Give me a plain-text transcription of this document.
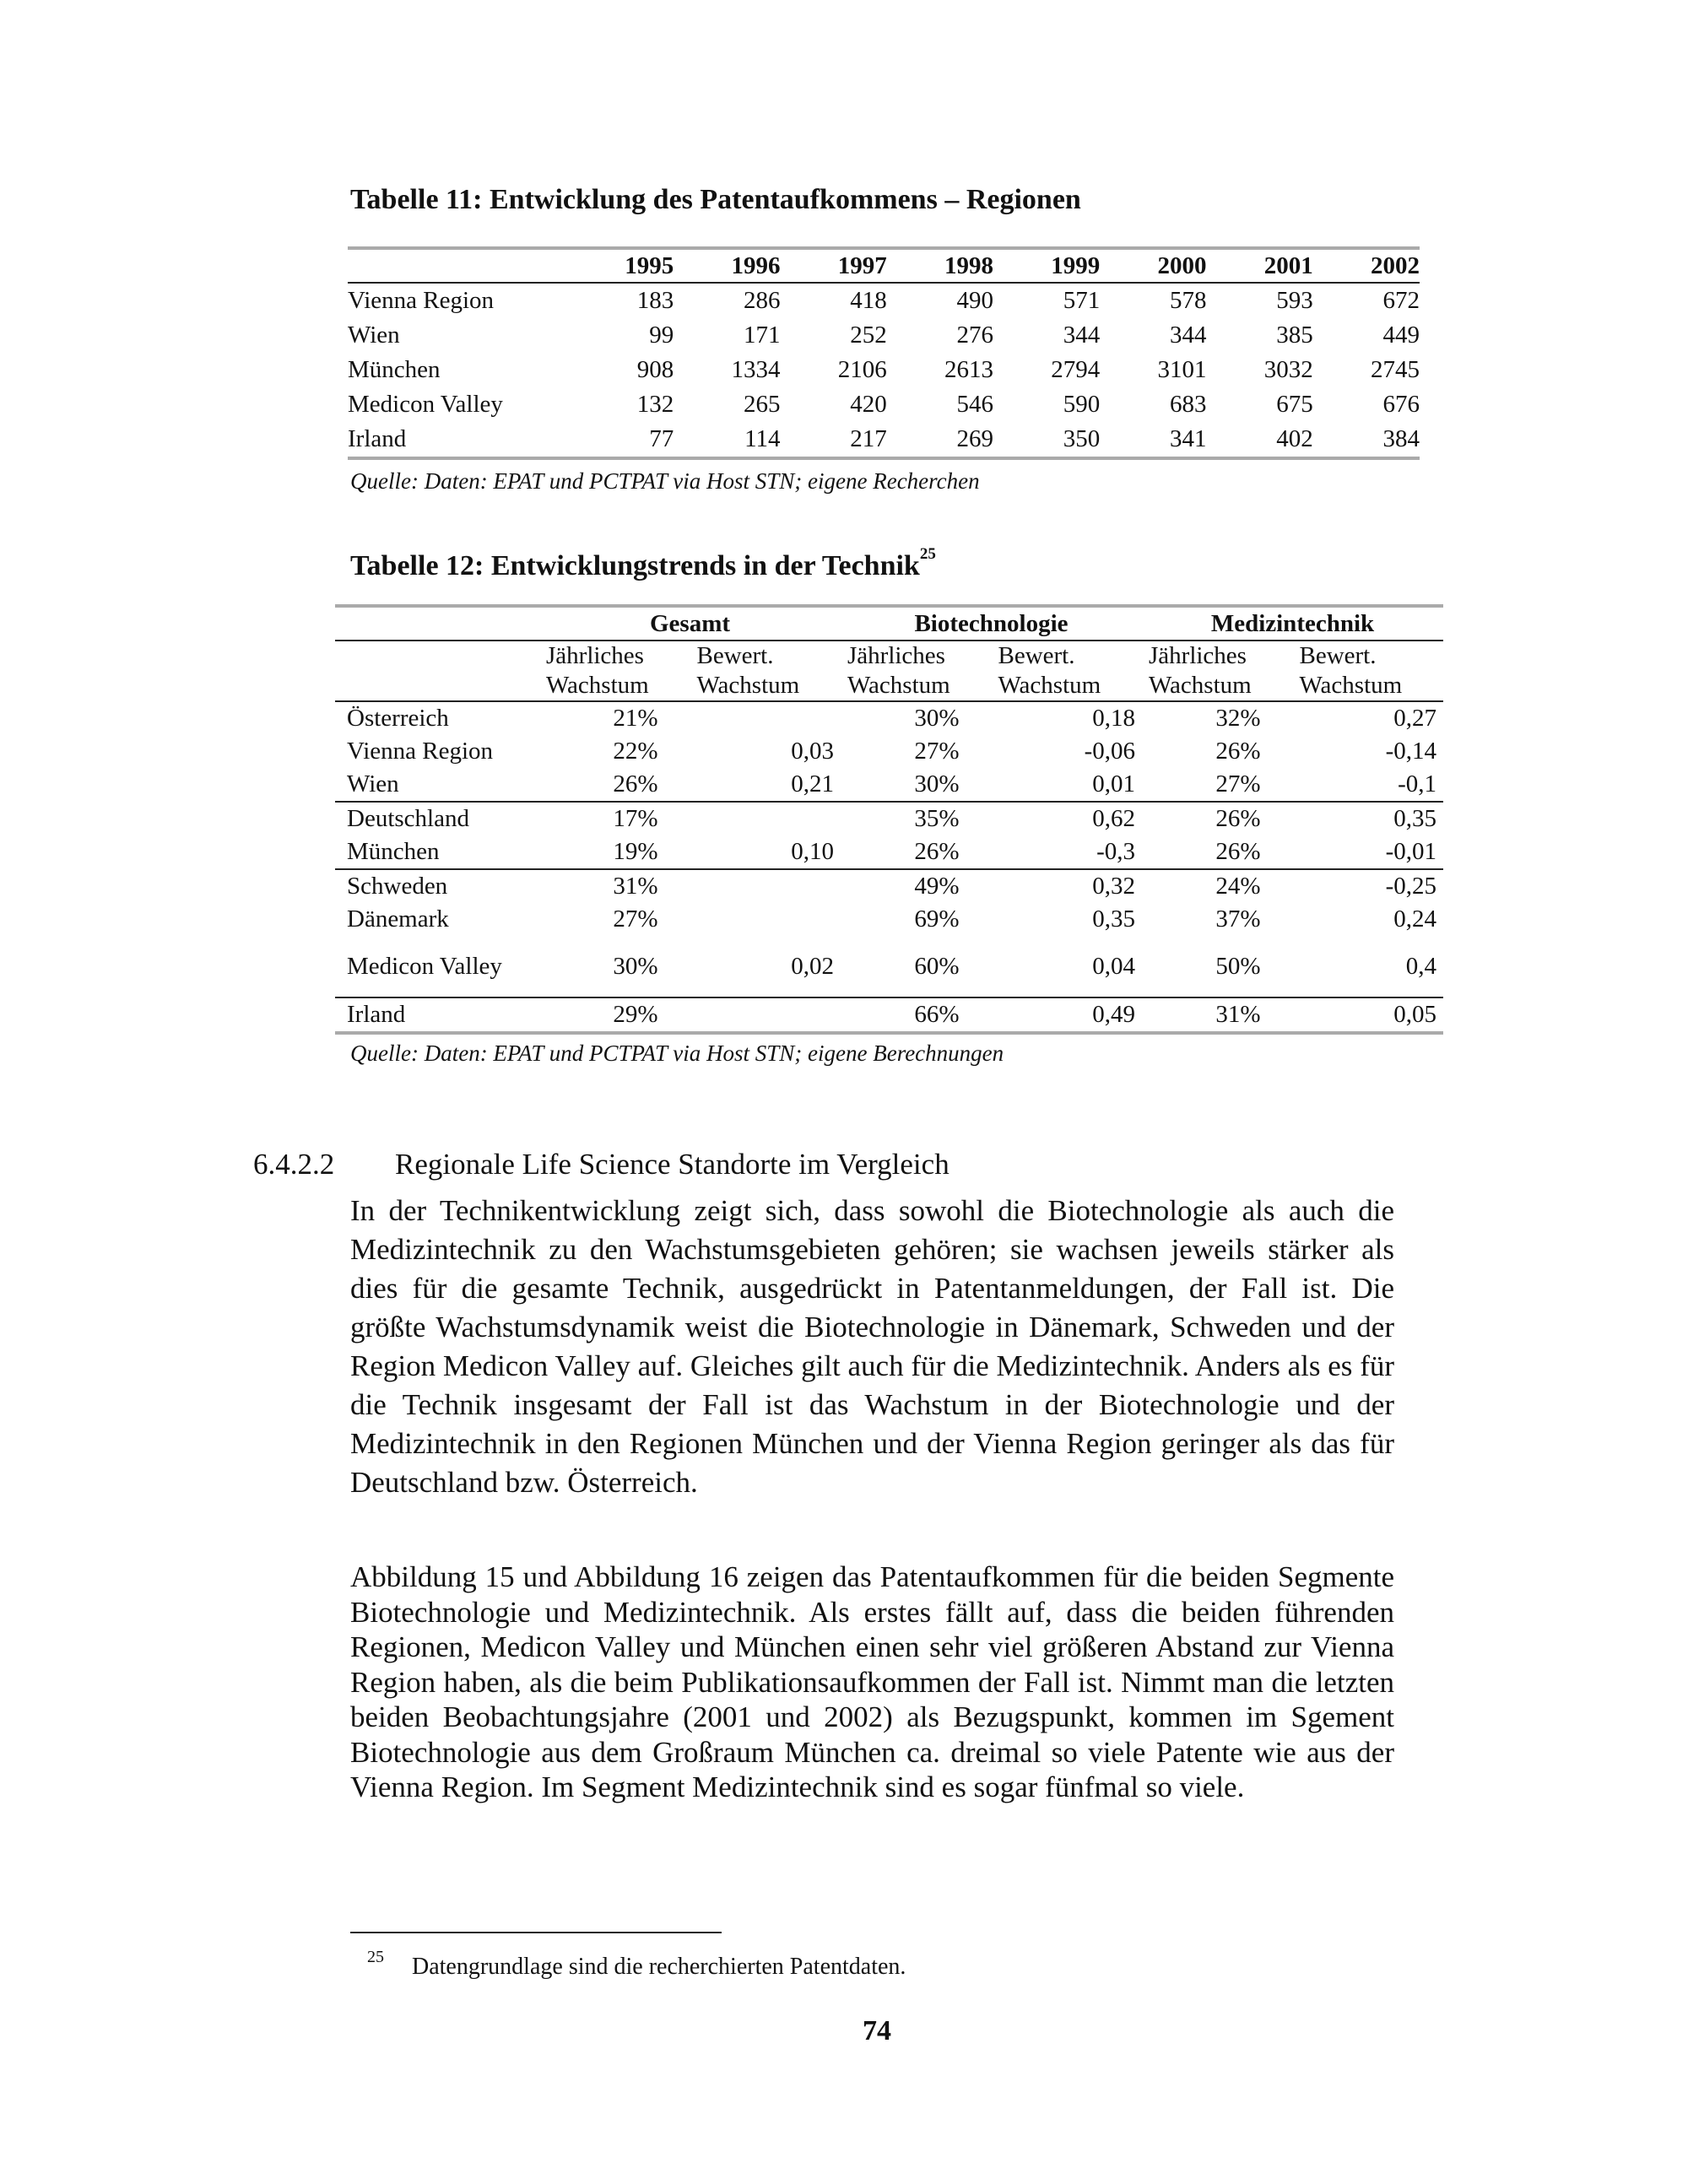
Tabelle 11: Entwicklung des Patentaufkommens – Regionen
	1995	1996	1997	1998	1999	2000	2001	2002
Vienna Region	183	286	418	490	571	578	593	672
Wien	99	171	252	276	344	344	385	449
München	908	1334	2106	2613	2794	3101	3032	2745
Medicon Valley	132	265	420	546	590	683	675	676
Irland	77	114	217	269	350	341	402	384
Quelle: Daten: EPAT und PCTPAT via Host STN; eigene Recherchen
Tabelle 12: Entwicklungstrends in der Technik$^{25}$
	Gesamt		Biotechnologie		Medizintechnik	
	Jährliches	Bewert.	Jährliches	Bewert.	Jährliches	Bewert.
	Wachstum	Wachstum	Wachstum	Wachstum	Wachstum	Wachstum
Österreich	21%		30%	0,18	32%	0,27
Vienna Region	22%	0,03	27%	-0,06	26%	-0,14
Wien	26%	0,21	30%	0,01	27%	-0,1
Deutschland	17%		35%	0,62	26%	0,35
München	19%	0,10	26%	-0,3	26%	-0,01
Schweden	31%		49%	0,32	24%	-0,25
Dänemark	27%		69%	0,35	37%	0,24
Medicon Valley	30%	0,02	60%	0,04	50%	0,4
Irland	29%		66%	0,49	31%	0,05
Quelle: Daten: EPAT und PCTPAT via Host STN; eigene Berechnungen
6.4.2.2 Regionale Life Science Standorte im Vergleich
In der Technikentwicklung zeigt sich, dass sowohl die Biotechnologie als auch die Medizintechnik zu den Wachstumsgebieten gehören; sie wachsen jeweils stärker als dies für die gesamte Technik, ausgedrückt in Patentanmeldungen, der Fall ist. Die größte Wachstumsdynamik weist die Biotechnologie in Dänemark, Schweden und der Region Medicon Valley auf. Gleiches gilt auch für die Medizintechnik. Anders als es für die Technik insgesamt der Fall ist das Wachstum in der Biotechnologie und der Medizintechnik in den Regionen München und der Vienna Region geringer als das für Deutschland bzw. Österreich.
Abbildung 15 und Abbildung 16 zeigen das Patentaufkommen für die beiden Segmente Biotechnologie und Medizintechnik. Als erstes fällt auf, dass die beiden führenden Regionen, Medicon Valley und München einen sehr viel größeren Abstand zur Vienna Region haben, als die beim Publikationsaufkommen der Fall ist. Nimmt man die letzten beiden Beobachtungsjahre (2001 und 2002) als Bezugspunkt, kommen im Sgement Biotechnologie aus dem Großraum München ca. dreimal so viele Patente wie aus der Vienna Region. Im Segment Medizintechnik sind es sogar fünfmal so viele.
25 Datengrundlage sind die recherchierten Patentdaten.
74
